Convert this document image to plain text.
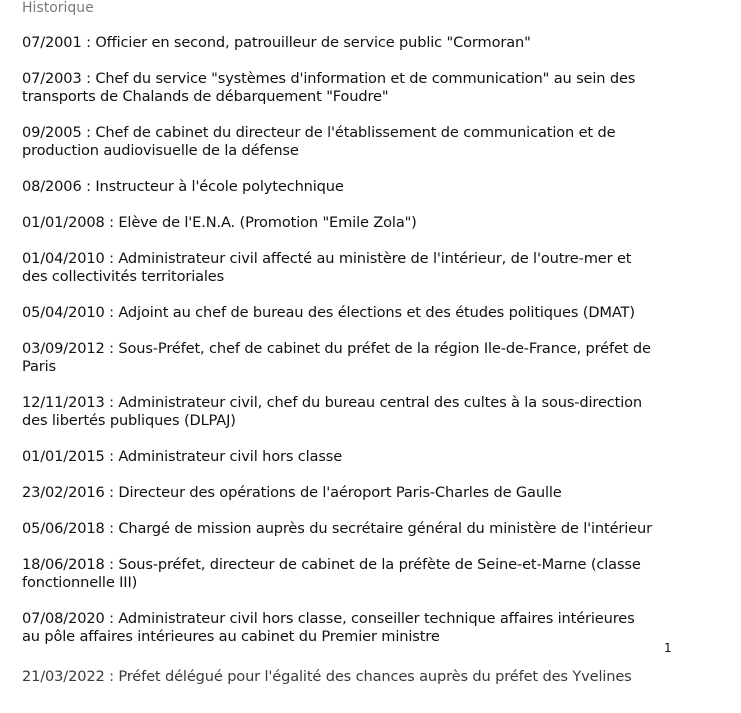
Historique
07/2001 : Officier en second, patrouilleur de service public "Cormoran"
07/2003 : Chef du service "systèmes d'information et de communication" au sein des transports de Chalands de débarquement "Foudre"
09/2005 : Chef de cabinet du directeur de l'établissement de communication et de production audiovisuelle de la défense
08/2006 : Instructeur à l'école polytechnique
01/01/2008 : Elève de l'E.N.A. (Promotion "Emile Zola")
01/04/2010 : Administrateur civil affecté au ministère de l'intérieur, de l'outre-mer et des collectivités territoriales
05/04/2010 : Adjoint au chef de bureau des élections et des études politiques (DMAT)
03/09/2012 : Sous-Préfet, chef de cabinet du préfet de la région Ile-de-France, préfet de Paris
12/11/2013 : Administrateur civil, chef du bureau central des cultes à la sous-direction des libertés publiques (DLPAJ)
01/01/2015 : Administrateur civil hors classe
23/02/2016 : Directeur des opérations de l'aéroport Paris-Charles de Gaulle
05/06/2018 : Chargé de mission auprès du secrétaire général du ministère de l'intérieur
18/06/2018 : Sous-préfet, directeur de cabinet de la préfète de Seine-et-Marne (classe fonctionnelle III)
07/08/2020 : Administrateur civil hors classe, conseiller technique affaires intérieures au pôle affaires intérieures au cabinet du Premier ministre
21/03/2022 : Préfet délégué pour l'égalité des chances auprès du préfet des Yvelines
1
